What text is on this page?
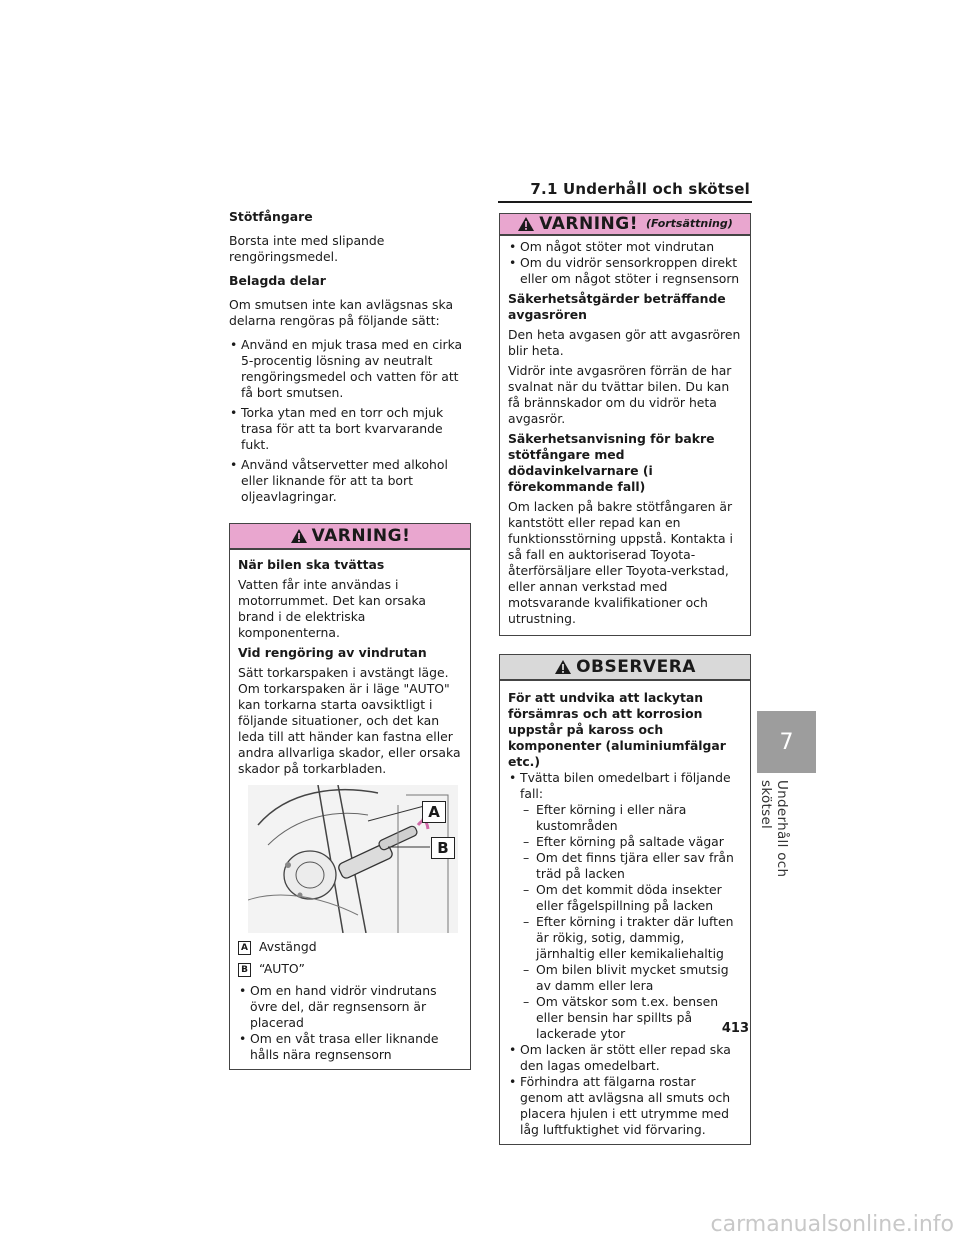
7.1 Underhåll och skötsel

Stötfångare

Borsta inte med slipande rengöringsmedel.

Belagda delar

Om smutsen inte kan avlägsnas ska delarna rengöras på följande sätt:

• Använd en mjuk trasa med en cirka 5-procentig lösning av neutralt rengöringsmedel och vatten för att få bort smutsen.
• Torka ytan med en torr och mjuk trasa för att ta bort kvarvarande fukt.
• Använd våtservetter med alkohol eller liknande för att ta bort oljeavlagringar.
VARNING!

När bilen ska tvättas

Vatten får inte användas i motorrummet. Det kan orsaka brand i de elektriska komponenterna.

Vid rengöring av vindrutan

Sätt torkarspaken i avstängt läge. Om torkarspaken är i läge "AUTO" kan torkarna starta oavsiktligt i följande situationer, och det kan leda till att händer kan fastna eller andra allvarliga skador, eller orsaka skador på torkarbladen.

A
B
A Avstängd
B “AUTO”
• Om en hand vidrör vindrutans övre del, där regnsensorn är placerad
• Om en våt trasa eller liknande hålls nära regnsensorn
VARNING! (Fortsättning)
• Om något stöter mot vindrutan
• Om du vidrör sensorkroppen direkt eller om något stöter i regnsensorn

Säkerhetsåtgärder beträffande avgasrören

Den heta avgasen gör att avgasrören blir heta.

Vidrör inte avgasrören förrän de har svalnat när du tvättar bilen. Du kan få brännskador om du vidrör heta avgasrör.

Säkerhetsanvisning för bakre stötfångare med dödavinkelvarnare (i förekommande fall)

Om lacken på bakre stötfångaren är kantstött eller repad kan en funktionsstörning uppstå. Kontakta i så fall en auktoriserad Toyota-återförsäljare eller Toyota-verkstad, eller annan verkstad med motsvarande kvalifikationer och utrustning.

OBSERVERA

För att undvika att lackytan försämras och att korrosion uppstår på kaross och komponenter (aluminiumfälgar etc.)

• Tvätta bilen omedelbart i följande fall:
– Efter körning i eller nära kustområden
– Efter körning på saltade vägar
– Om det finns tjära eller sav från träd på lacken
– Om det kommit döda insekter eller fågelspillning på lacken
– Efter körning i trakter där luften är rökig, sotig, dammig, järnhaltig eller kemikaliehaltig
– Om bilen blivit mycket smutsig av damm eller lera
– Om vätskor som t.ex. bensen eller bensin har spillts på lackerade ytor
• Om lacken är stött eller repad ska den lagas omedelbart.
• Förhindra att fälgarna rostar genom att avlägsna all smuts och placera hjulen i ett utrymme med låg luftfuktighet vid förvaring.
7
Underhåll och skötsel
413
carmanualsonline.info
